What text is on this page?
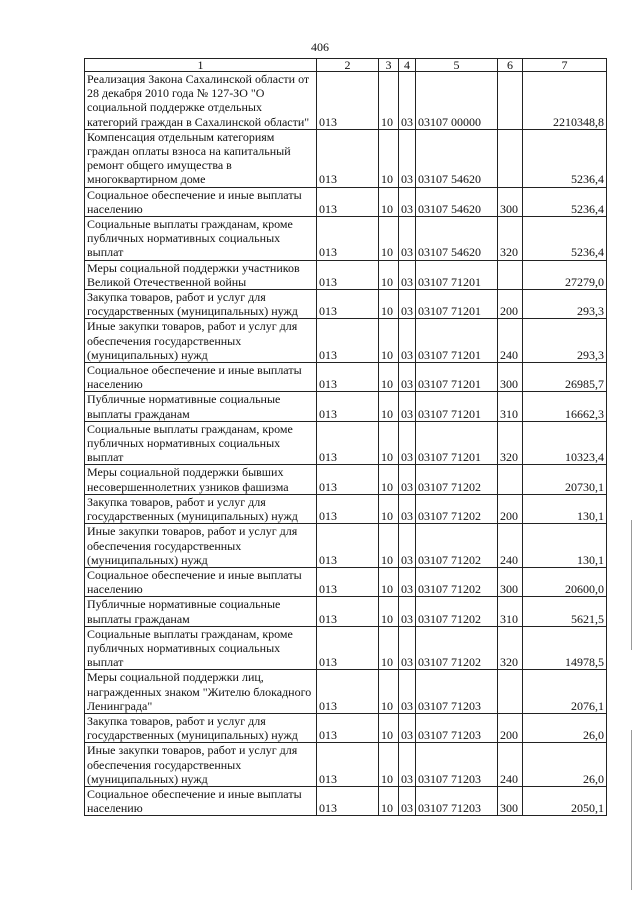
406
1	2	3	4	5	6	7
Реализация Закона Сахалинской области от 28 декабря 2010 года № 127-ЗО "О социальной поддержке отдельных категорий граждан в Сахалинской области"	013	10	03	03107 00000		2210348,8
Компенсация отдельным категориям граждан оплаты взноса на капитальный ремонт общего имущества в многоквартирном доме	013	10	03	03107 54620		5236,4
Социальное обеспечение и иные выплаты населению	013	10	03	03107 54620	300	5236,4
Социальные выплаты гражданам, кроме публичных нормативных социальных выплат	013	10	03	03107 54620	320	5236,4
Меры социальной поддержки участников Великой Отечественной войны	013	10	03	03107 71201		27279,0
Закупка товаров, работ и услуг для государственных (муниципальных) нужд	013	10	03	03107 71201	200	293,3
Иные закупки товаров, работ и услуг для обеспечения государственных (муниципальных) нужд	013	10	03	03107 71201	240	293,3
Социальное обеспечение и иные выплаты населению	013	10	03	03107 71201	300	26985,7
Публичные нормативные социальные выплаты гражданам	013	10	03	03107 71201	310	16662,3
Социальные выплаты гражданам, кроме публичных нормативных социальных выплат	013	10	03	03107 71201	320	10323,4
Меры социальной поддержки бывших несовершеннолетних узников фашизма	013	10	03	03107 71202		20730,1
Закупка товаров, работ и услуг для государственных (муниципальных) нужд	013	10	03	03107 71202	200	130,1
Иные закупки товаров, работ и услуг для обеспечения государственных (муниципальных) нужд	013	10	03	03107 71202	240	130,1
Социальное обеспечение и иные выплаты населению	013	10	03	03107 71202	300	20600,0
Публичные нормативные социальные выплаты гражданам	013	10	03	03107 71202	310	5621,5
Социальные выплаты гражданам, кроме публичных нормативных социальных выплат	013	10	03	03107 71202	320	14978,5
Меры социальной поддержки лиц, награжденных знаком "Жителю блокадного Ленинграда"	013	10	03	03107 71203		2076,1
Закупка товаров, работ и услуг для государственных (муниципальных) нужд	013	10	03	03107 71203	200	26,0
Иные закупки товаров, работ и услуг для обеспечения государственных (муниципальных) нужд	013	10	03	03107 71203	240	26,0
Социальное обеспечение и иные выплаты населению	013	10	03	03107 71203	300	2050,1
